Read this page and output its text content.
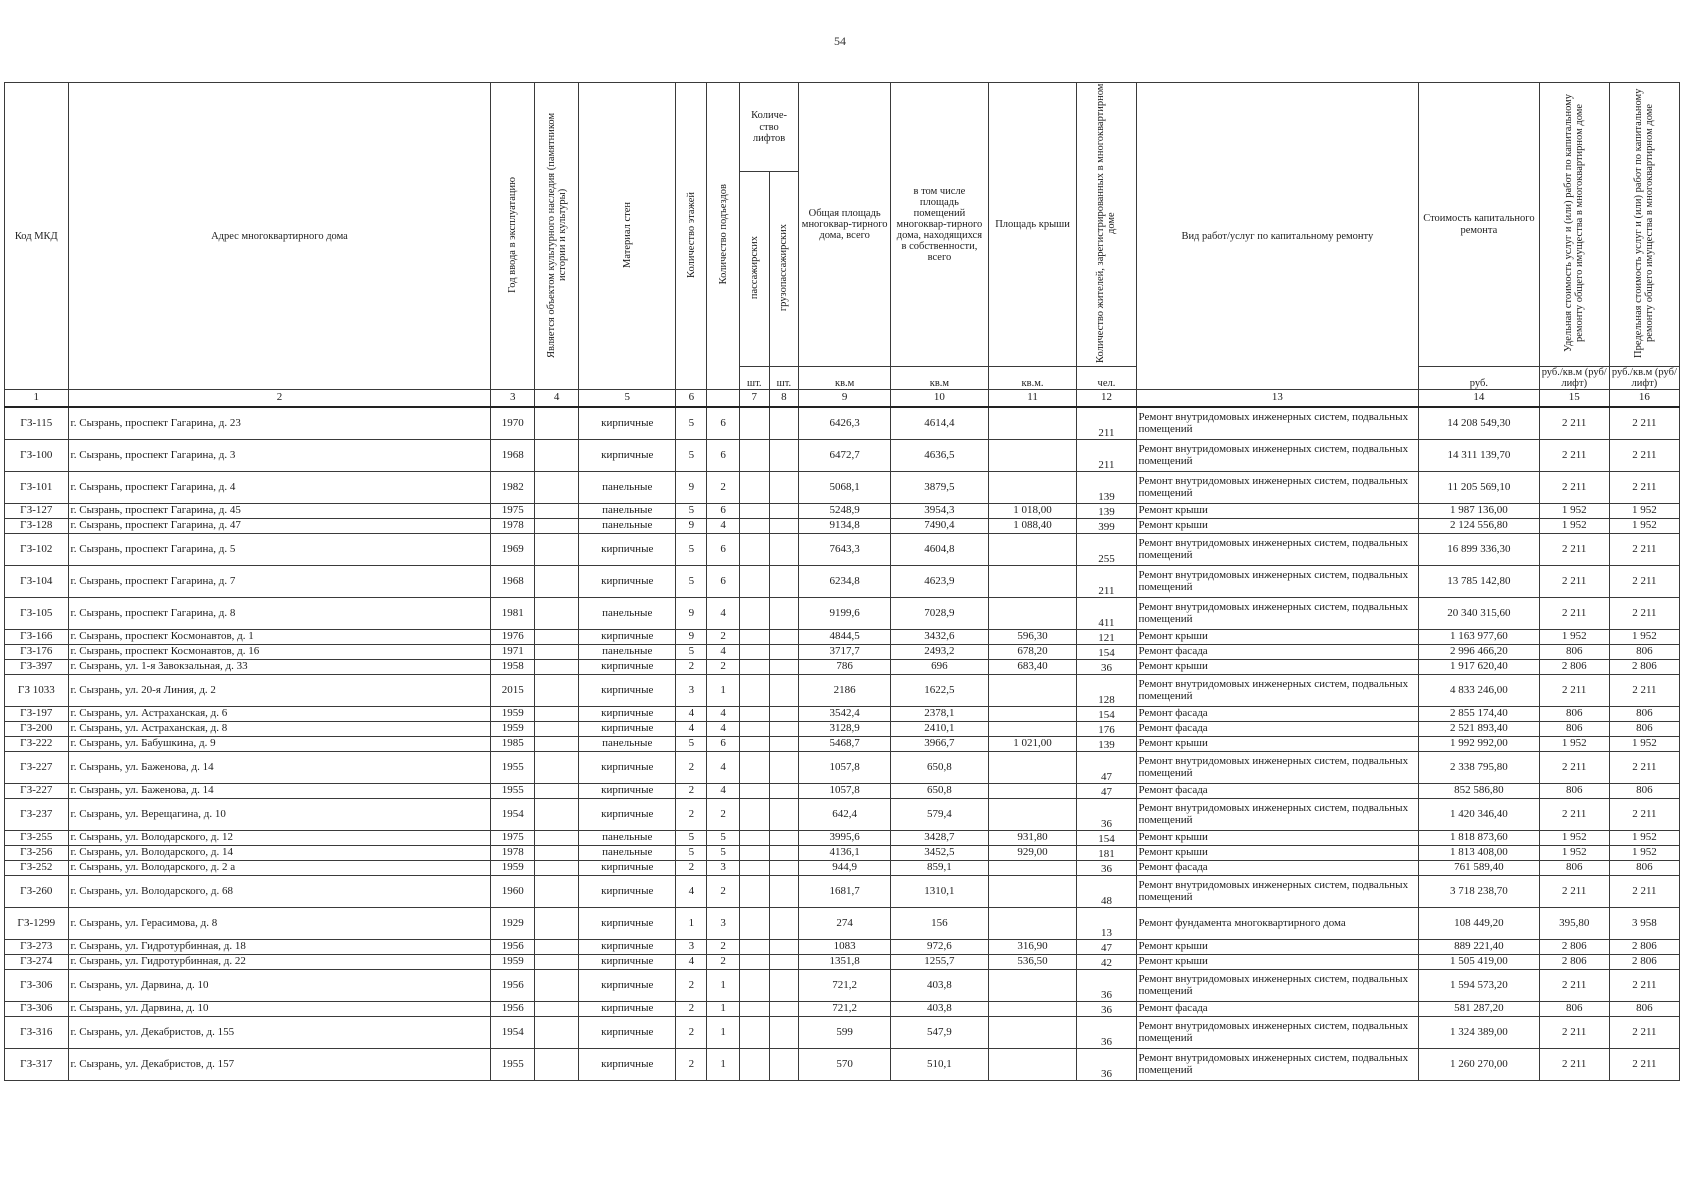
54
Код МКД	Адрес многоквартирного дома	Год ввода в эксплуатацию	Является объектом культурного наследия (памятником истории и культуры)	Материал стен	Количество этажей	Количество подъездов	Количе-ство лифтов		Общая площадь многоквар-тирного дома, всего	в том числе площадь помещений многоквар-тирного дома, находящихся в собственности, всего	Площадь крыши	Количество жителей, зарегистрированных в многоквартирном доме	Вид работ/услуг по капитальному ремонту	Стоимость капитального ремонта	Удельная стоимость услуг и (или) работ по капитальному ремонту общего имущества в многоквартирном доме	Предельная стоимость услуг и (или) работ по капитальному ремонту общего имущества в многоквартирном доме
							пассажирских	грузопассажирских								
							шт.	шт.	кв.м	кв.м	кв.м.	чел.		руб.	руб./кв.м (руб/лифт)	руб./кв.м (руб/лифт)
1	2	3	4	5	6		7	8	9	10	11	12	13	14	15	16
ГЗ-115	г. Сызрань, проспект Гагарина, д. 23	1970		кирпичные	5	6			6426,3	4614,4		211	Ремонт внутридомовых инженерных систем, подвальных помещений	14 208 549,30	2 211	2 211
ГЗ-100	г. Сызрань, проспект Гагарина, д. 3	1968		кирпичные	5	6			6472,7	4636,5		211	Ремонт внутридомовых инженерных систем, подвальных помещений	14 311 139,70	2 211	2 211
ГЗ-101	г. Сызрань, проспект Гагарина, д. 4	1982		панельные	9	2			5068,1	3879,5		139	Ремонт внутридомовых инженерных систем, подвальных помещений	11 205 569,10	2 211	2 211
ГЗ-127	г. Сызрань, проспект Гагарина, д. 45	1975		панельные	5	6			5248,9	3954,3	1 018,00	139	Ремонт крыши	1 987 136,00	1 952	1 952
ГЗ-128	г. Сызрань, проспект Гагарина, д. 47	1978		панельные	9	4			9134,8	7490,4	1 088,40	399	Ремонт крыши	2 124 556,80	1 952	1 952
ГЗ-102	г. Сызрань, проспект Гагарина, д. 5	1969		кирпичные	5	6			7643,3	4604,8		255	Ремонт внутридомовых инженерных систем, подвальных помещений	16 899 336,30	2 211	2 211
ГЗ-104	г. Сызрань, проспект Гагарина, д. 7	1968		кирпичные	5	6			6234,8	4623,9		211	Ремонт внутридомовых инженерных систем, подвальных помещений	13 785 142,80	2 211	2 211
ГЗ-105	г. Сызрань, проспект Гагарина, д. 8	1981		панельные	9	4			9199,6	7028,9		411	Ремонт внутридомовых инженерных систем, подвальных помещений	20 340 315,60	2 211	2 211
ГЗ-166	г. Сызрань, проспект Космонавтов, д. 1	1976		кирпичные	9	2			4844,5	3432,6	596,30	121	Ремонт крыши	1 163 977,60	1 952	1 952
ГЗ-176	г. Сызрань, проспект Космонавтов, д. 16	1971		панельные	5	4			3717,7	2493,2	678,20	154	Ремонт фасада	2 996 466,20	806	806
ГЗ-397	г. Сызрань, ул. 1-я Завокзальная, д. 33	1958		кирпичные	2	2			786	696	683,40	36	Ремонт крыши	1 917 620,40	2 806	2 806
ГЗ 1033	г. Сызрань, ул. 20-я Линия, д. 2	2015		кирпичные	3	1			2186	1622,5		128	Ремонт внутридомовых инженерных систем, подвальных помещений	4 833 246,00	2 211	2 211
ГЗ-197	г. Сызрань, ул. Астраханская, д. 6	1959		кирпичные	4	4			3542,4	2378,1		154	Ремонт фасада	2 855 174,40	806	806
ГЗ-200	г. Сызрань, ул. Астраханская, д. 8	1959		кирпичные	4	4			3128,9	2410,1		176	Ремонт фасада	2 521 893,40	806	806
ГЗ-222	г. Сызрань, ул. Бабушкина, д. 9	1985		панельные	5	6			5468,7	3966,7	1 021,00	139	Ремонт крыши	1 992 992,00	1 952	1 952
ГЗ-227	г. Сызрань, ул. Баженова, д. 14	1955		кирпичные	2	4			1057,8	650,8		47	Ремонт внутридомовых инженерных систем, подвальных помещений	2 338 795,80	2 211	2 211
ГЗ-227	г. Сызрань, ул. Баженова, д. 14	1955		кирпичные	2	4			1057,8	650,8		47	Ремонт фасада	852 586,80	806	806
ГЗ-237	г. Сызрань, ул. Верещагина, д. 10	1954		кирпичные	2	2			642,4	579,4		36	Ремонт внутридомовых инженерных систем, подвальных помещений	1 420 346,40	2 211	2 211
ГЗ-255	г. Сызрань, ул. Володарского, д. 12	1975		панельные	5	5			3995,6	3428,7	931,80	154	Ремонт крыши	1 818 873,60	1 952	1 952
ГЗ-256	г. Сызрань, ул. Володарского, д. 14	1978		панельные	5	5			4136,1	3452,5	929,00	181	Ремонт крыши	1 813 408,00	1 952	1 952
ГЗ-252	г. Сызрань, ул. Володарского, д. 2 а	1959		кирпичные	2	3			944,9	859,1		36	Ремонт фасада	761 589,40	806	806
ГЗ-260	г. Сызрань, ул. Володарского, д. 68	1960		кирпичные	4	2			1681,7	1310,1		48	Ремонт внутридомовых инженерных систем, подвальных помещений	3 718 238,70	2 211	2 211
ГЗ-1299	г. Сызрань, ул. Герасимова, д. 8	1929		кирпичные	1	3			274	156		13	Ремонт фундамента многоквартирного дома	108 449,20	395,80	3 958
ГЗ-273	г. Сызрань, ул. Гидротурбинная, д. 18	1956		кирпичные	3	2			1083	972,6	316,90	47	Ремонт крыши	889 221,40	2 806	2 806
ГЗ-274	г. Сызрань, ул. Гидротурбинная, д. 22	1959		кирпичные	4	2			1351,8	1255,7	536,50	42	Ремонт крыши	1 505 419,00	2 806	2 806
ГЗ-306	г. Сызрань, ул. Дарвина, д. 10	1956		кирпичные	2	1			721,2	403,8		36	Ремонт внутридомовых инженерных систем, подвальных помещений	1 594 573,20	2 211	2 211
ГЗ-306	г. Сызрань, ул. Дарвина, д. 10	1956		кирпичные	2	1			721,2	403,8		36	Ремонт фасада	581 287,20	806	806
ГЗ-316	г. Сызрань, ул. Декабристов, д. 155	1954		кирпичные	2	1			599	547,9		36	Ремонт внутридомовых инженерных систем, подвальных помещений	1 324 389,00	2 211	2 211
ГЗ-317	г. Сызрань, ул. Декабристов, д. 157	1955		кирпичные	2	1			570	510,1		36	Ремонт внутридомовых инженерных систем, подвальных помещений	1 260 270,00	2 211	2 211
